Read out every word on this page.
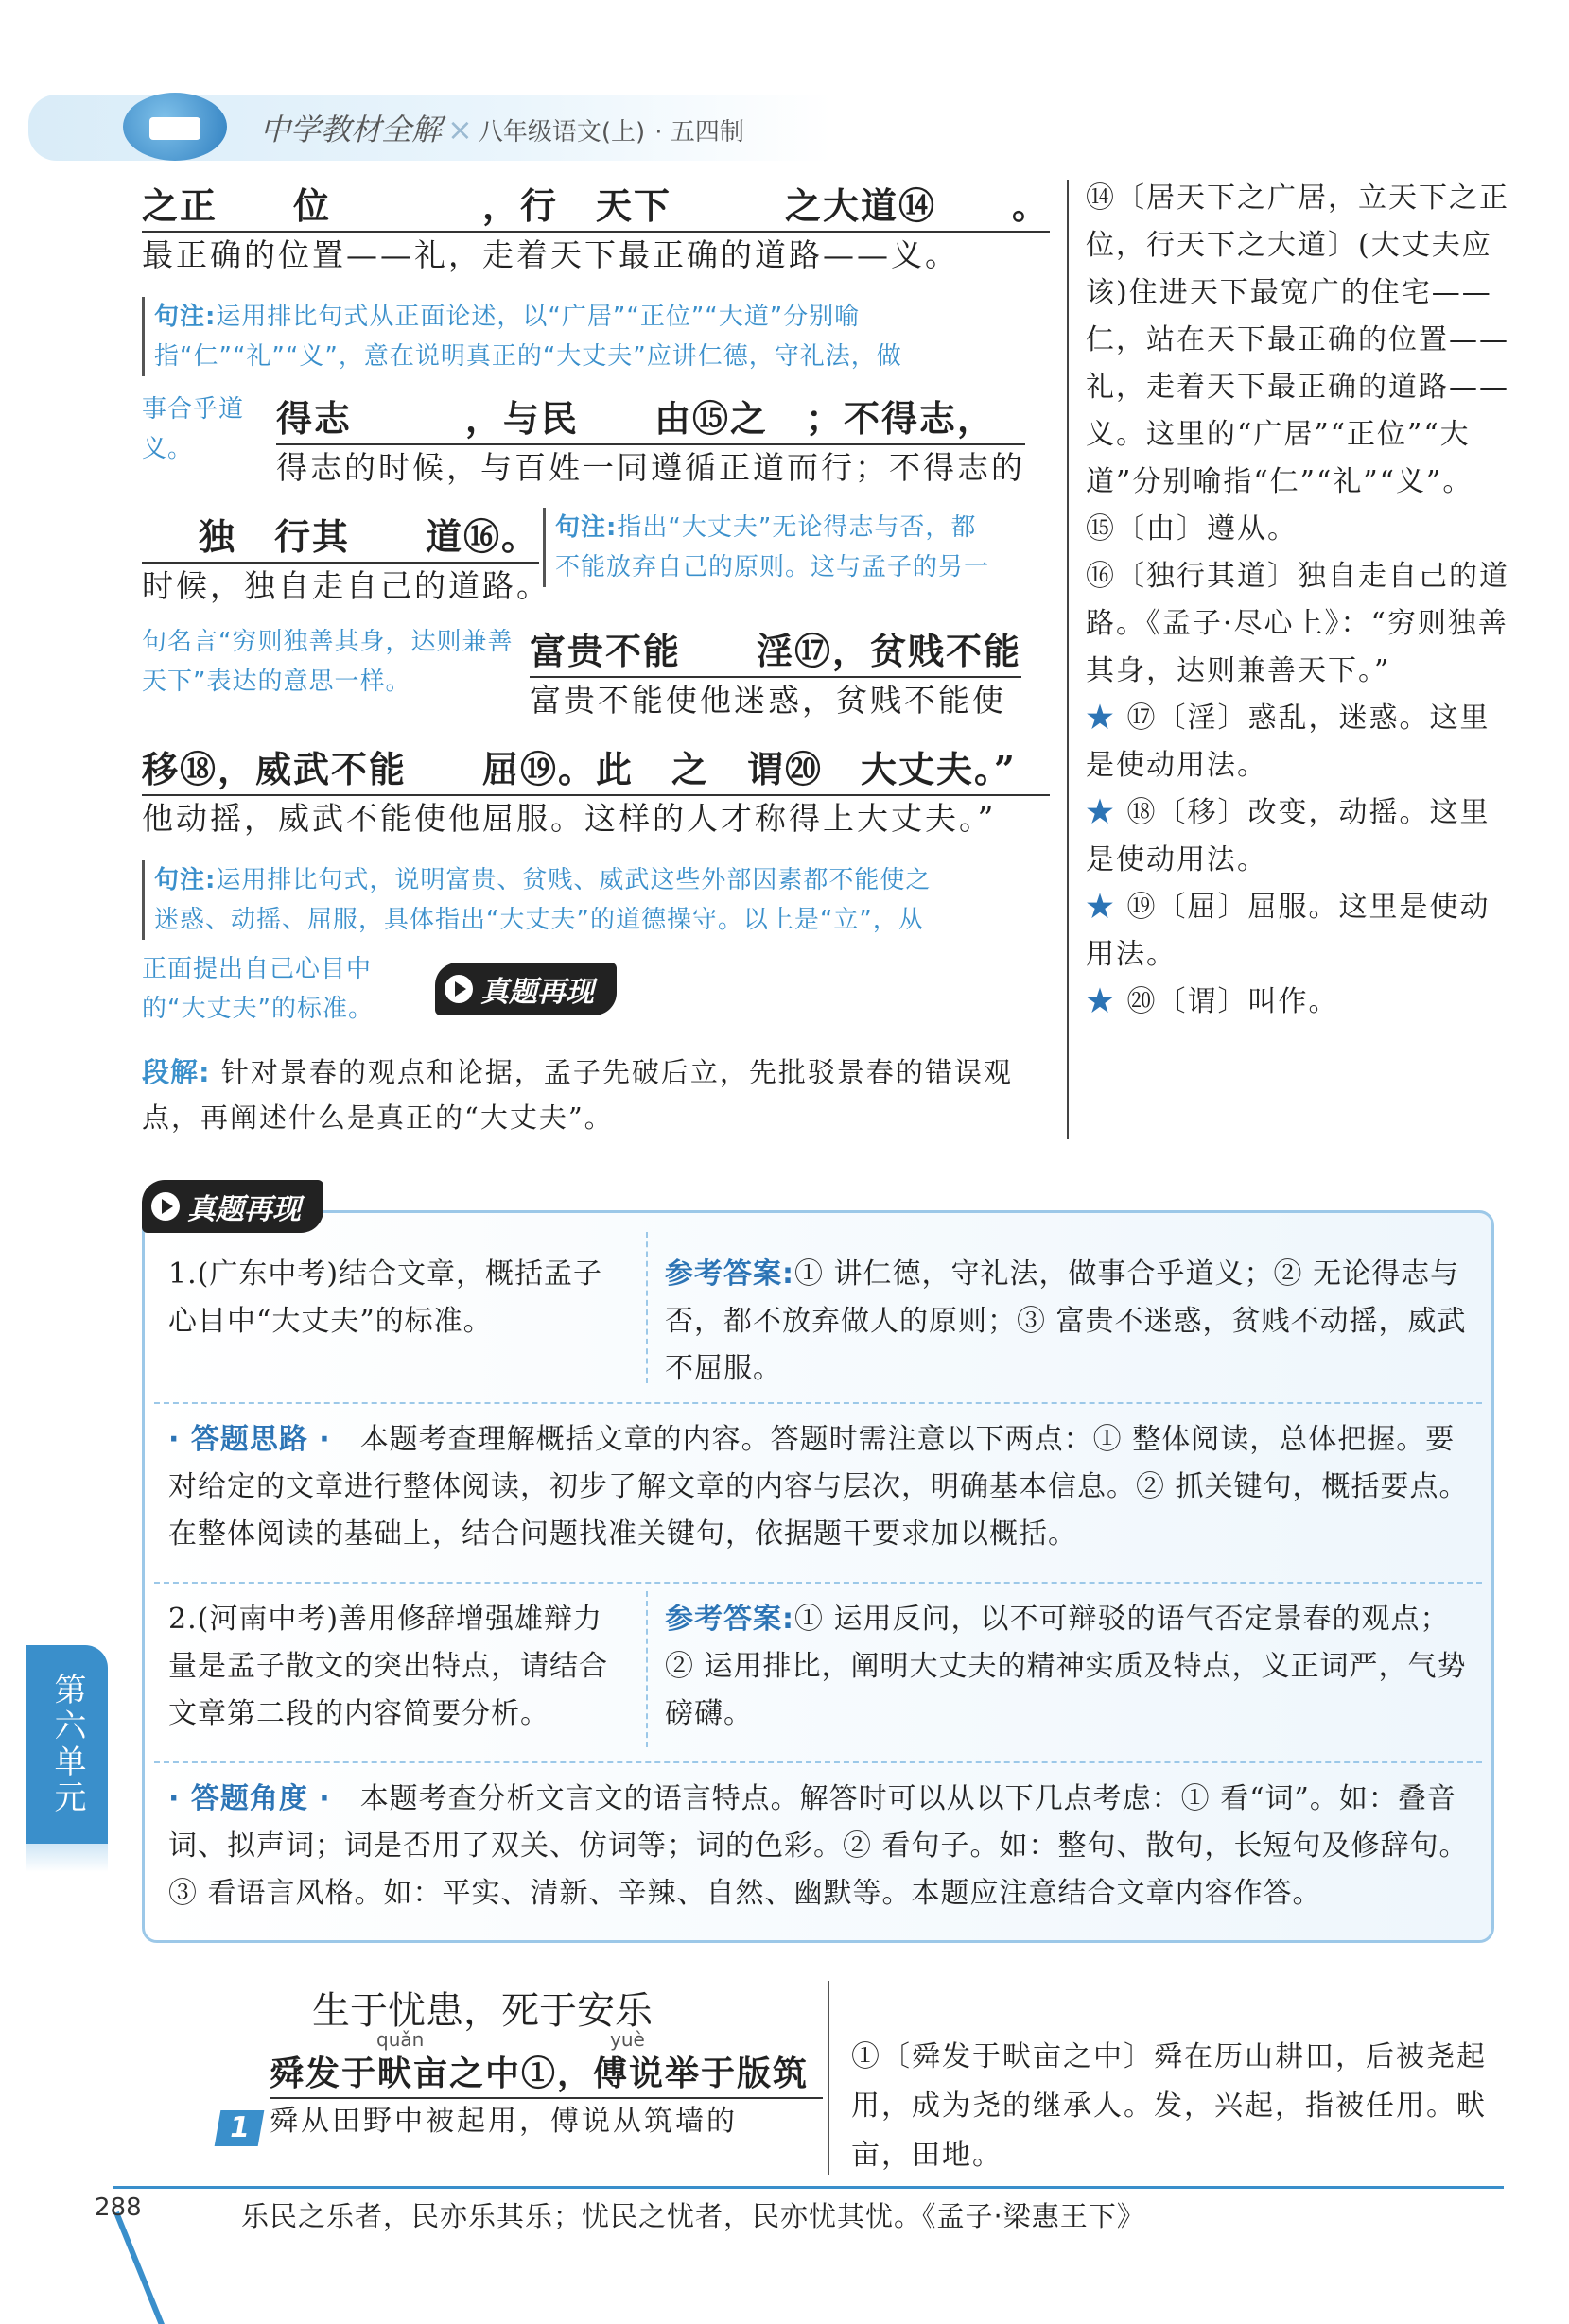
中学教材全解 × 八年级语文(上) · 五四制
之正　　位　　　　，行　天下　　　之大道⑭　　。
最正确的位置——礼，走着天下最正确的道路——义。
句注:运用排比句式从正面论述，以“广居”“正位”“大道”分别喻
指“仁”“礼”“义”，意在说明真正的“大丈夫”应讲仁德，守礼法，做
事合乎道义。
得志　　　，与民　　由⑮之　；不得志，
得志的时候，与百姓一同遵循正道而行；不得志的
独　行其　　道⑯。
时候，独自走自己的道路。
句注:指出“大丈夫”无论得志与否，都
不能放弃自己的原则。这与孟子的另一
句名言“穷则独善其身，达则兼善天下”表达的意思一样。
富贵不能　　淫⑰，贫贱不能
富贵不能使他迷惑，贫贱不能使
移⑱，威武不能　　屈⑲。此　之　谓⑳　大丈夫。”
他动摇，威武不能使他屈服。这样的人才称得上大丈夫。”
句注:运用排比句式，说明富贵、贫贱、威武这些外部因素都不能使之
迷惑、动摇、屈服，具体指出“大丈夫”的道德操守。以上是“立”，从
正面提出自己心目中的“大丈夫”的标准。	真题再现
段解: 针对景春的观点和论据，孟子先破后立，先批驳景春的错误观点，再阐述什么是真正的“大丈夫”。
⑭〔居天下之广居，立天下之正位，行天下之大道〕(大丈夫应该)住进天下最宽广的住宅——仁，站在天下最正确的位置——礼，走着天下最正确的道路——义。这里的“广居”“正位”“大道”分别喻指“仁”“礼”“义”。
⑮〔由〕遵从。
⑯〔独行其道〕独自走自己的道路。《孟子·尽心上》：“穷则独善其身，达则兼善天下。”
★ ⑰〔淫〕惑乱，迷惑。这里是使动用法。
★ ⑱〔移〕改变，动摇。这里是使动用法。
★ ⑲〔屈〕屈服。这里是使动用法。
★ ⑳〔谓〕叫作。
真题再现
1.(广东中考)结合文章，概括孟子心目中“大丈夫”的标准。
参考答案:① 讲仁德，守礼法，做事合乎道义；② 无论得志与否，都不放弃做人的原则；③ 富贵不迷惑，贫贱不动摇，威武不屈服。
· 答题思路 ·　 本题考查理解概括文章的内容。答题时需注意以下两点：① 整体阅读，总体把握。要对给定的文章进行整体阅读，初步了解文章的内容与层次，明确基本信息。② 抓关键句，概括要点。在整体阅读的基础上，结合问题找准关键句，依据题干要求加以概括。
2.(河南中考)善用修辞增强雄辩力量是孟子散文的突出特点，请结合文章第二段的内容简要分析。
参考答案:① 运用反问，以不可辩驳的语气否定景春的观点；② 运用排比，阐明大丈夫的精神实质及特点，义正词严，气势磅礴。
· 答题角度 ·　 本题考查分析文言文的语言特点。解答时可以从以下几点考虑：① 看“词”。如：叠音词、拟声词；词是否用了双关、仿词等；词的色彩。② 看句子。如：整句、散句，长短句及修辞句。③ 看语言风格。如：平实、清新、辛辣、自然、幽默等。本题应注意结合文章内容作答。
第六单元
生于忧患，死于安乐
quǎn	yuè
1
舜发于畎亩之中①，傅说举于版筑
舜从田野中被起用，傅说从筑墙的
①〔舜发于畎亩之中〕舜在历山耕田，后被尧起用，成为尧的继承人。发，兴起，指被任用。畎亩，田地。
288	乐民之乐者，民亦乐其乐；忧民之忧者，民亦忧其忧。《孟子·梁惠王下》
